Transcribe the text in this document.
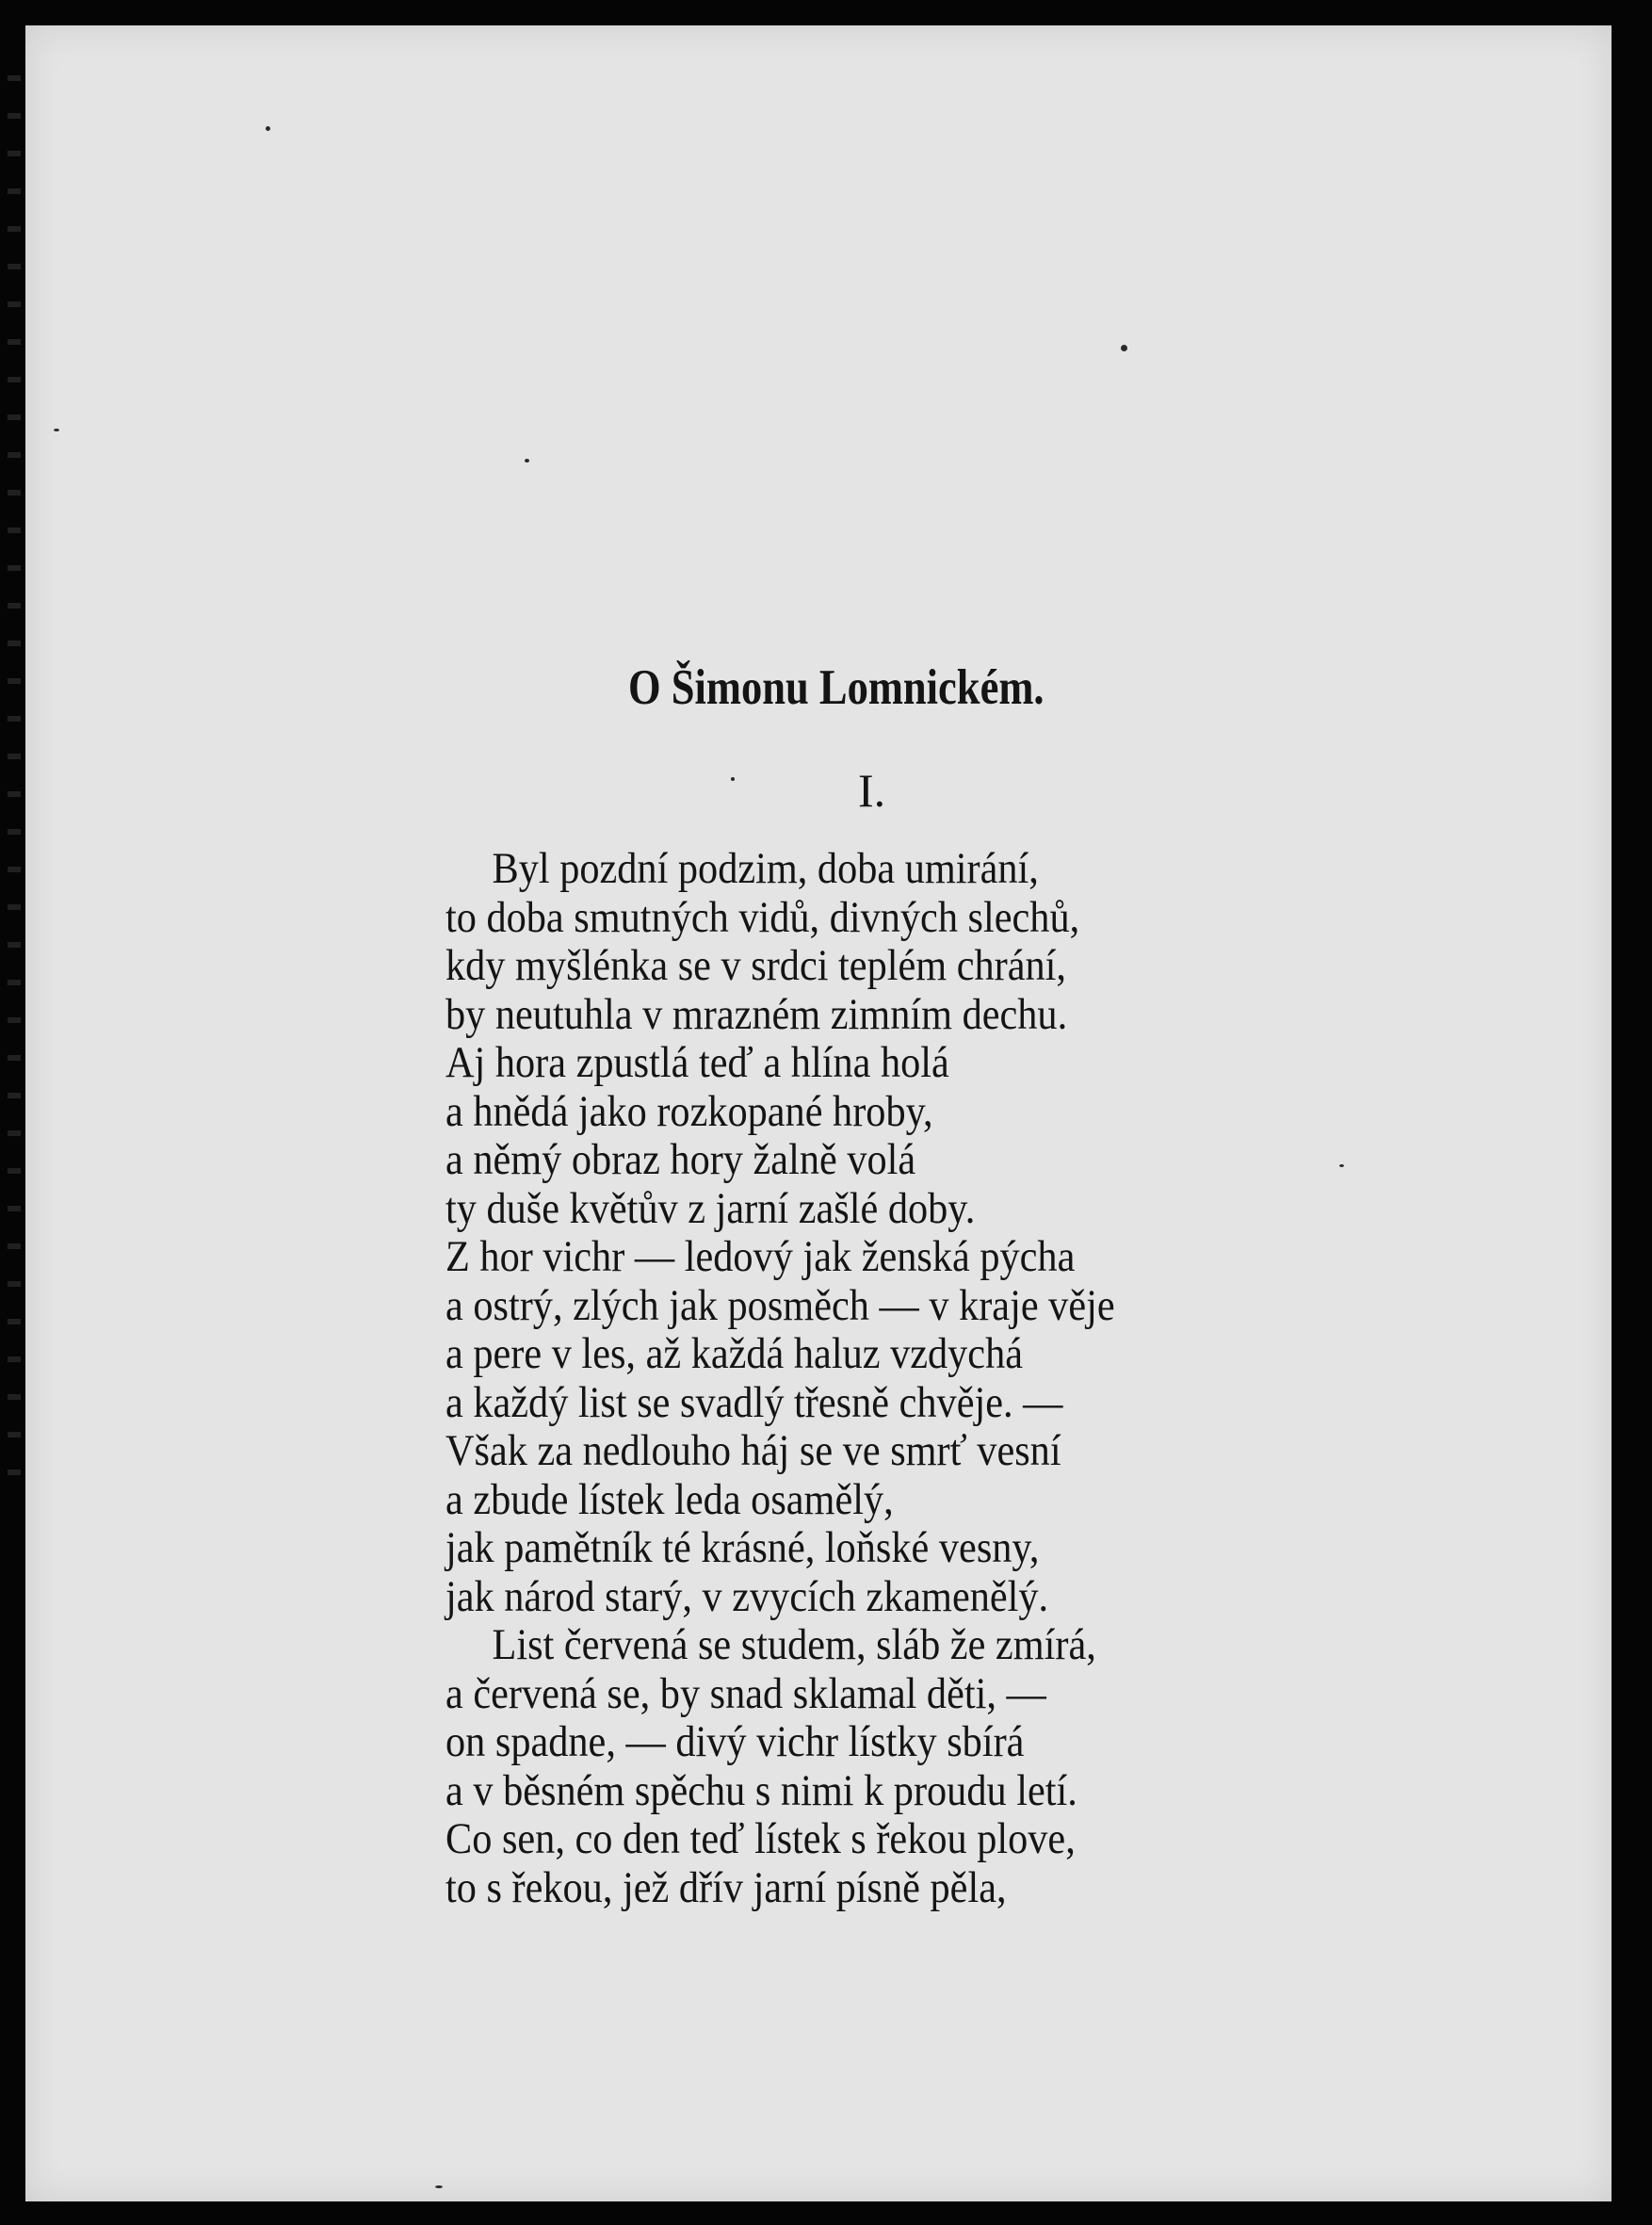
O Šimonu Lomnickém.
I.
Byl pozdní podzim, doba umirání,
to doba smutných vidů, divných slechů,
kdy myšlénka se v srdci teplém chrání,
by neutuhla v mrazném zimním dechu.
Aj hora zpustlá teď a hlína holá
a hnědá jako rozkopané hroby,
a němý obraz hory žalně volá
ty duše květův z jarní zašlé doby.
Z hor vichr — ledový jak ženská pýcha
a ostrý, zlých jak posměch — v kraje věje
a pere v les, až každá haluz vzdychá
a každý list se svadlý třesně chvěje. —
Však za nedlouho háj se ve smrť vesní
a zbude lístek leda osamělý,
jak pamětník té krásné, loňské vesny,
jak národ starý, v zvycích zkamenělý.
List červená se studem, sláb že zmírá,
a červená se, by snad sklamal děti, —
on spadne, — divý vichr lístky sbírá
a v běsném spěchu s nimi k proudu letí.
Co sen, co den teď lístek s řekou plove,
to s řekou, jež dřív jarní písně pěla,
